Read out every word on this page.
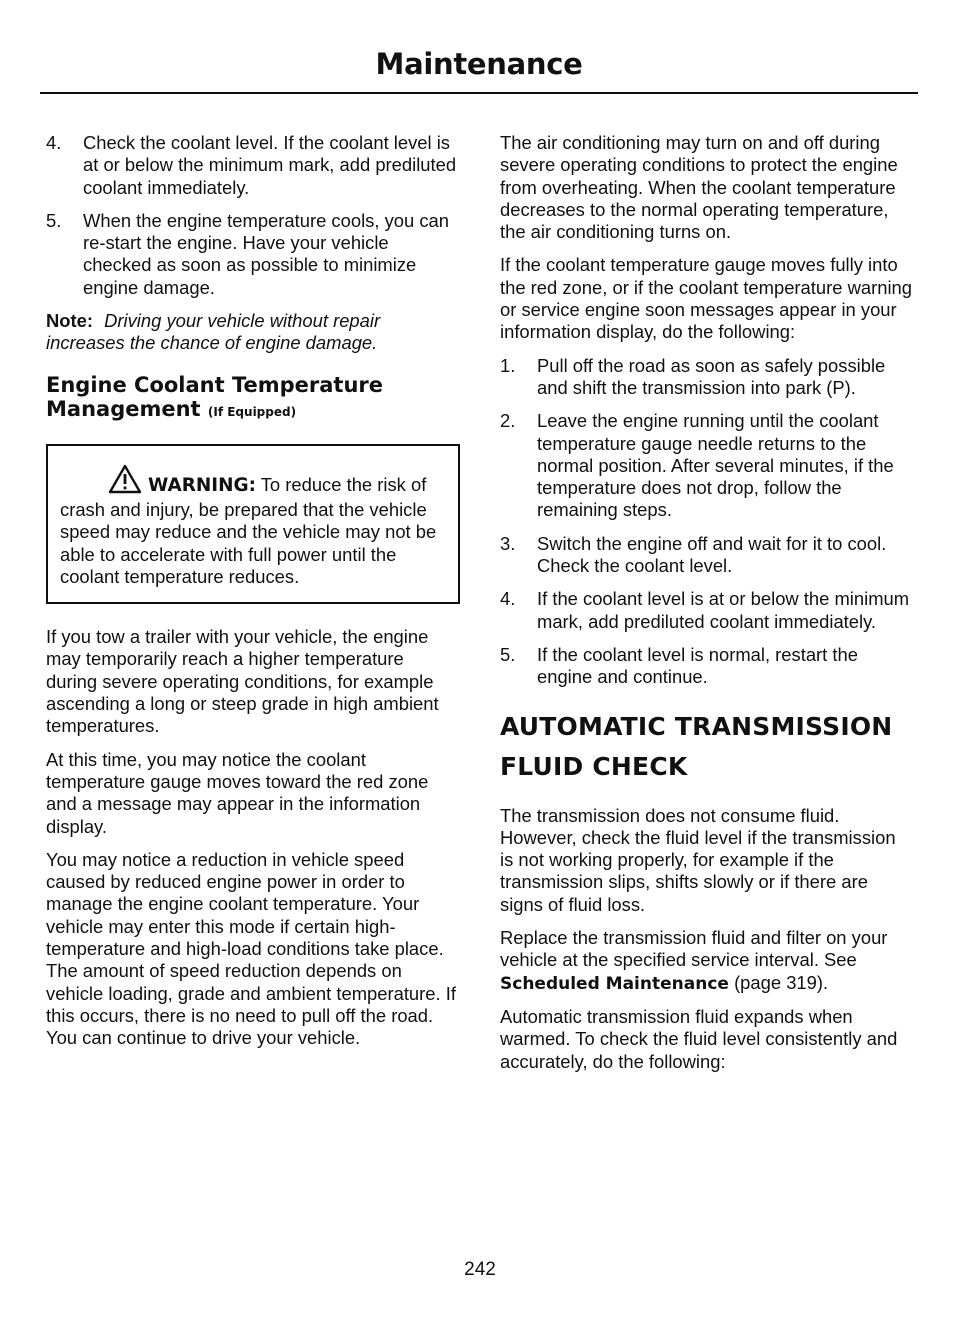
Maintenance
4. Check the coolant level. If the coolant level is at or below the minimum mark, add prediluted coolant immediately.
5. When the engine temperature cools, you can re-start the engine. Have your vehicle checked as soon as possible to minimize engine damage.

Note: Driving your vehicle without repair increases the chance of engine damage.

Engine Coolant Temperature Management (If Equipped)
WARNING: To reduce the risk of crash and injury, be prepared that the vehicle speed may reduce and the vehicle may not be able to accelerate with full power until the coolant temperature reduces.

If you tow a trailer with your vehicle, the engine may temporarily reach a higher temperature during severe operating conditions, for example ascending a long or steep grade in high ambient temperatures.

At this time, you may notice the coolant temperature gauge moves toward the red zone and a message may appear in the information display.

You may notice a reduction in vehicle speed caused by reduced engine power in order to manage the engine coolant temperature. Your vehicle may enter this mode if certain high-temperature and high-load conditions take place. The amount of speed reduction depends on vehicle loading, grade and ambient temperature. If this occurs, there is no need to pull off the road. You can continue to drive your vehicle.

The air conditioning may turn on and off during severe operating conditions to protect the engine from overheating. When the coolant temperature decreases to the normal operating temperature, the air conditioning turns on.

If the coolant temperature gauge moves fully into the red zone, or if the coolant temperature warning or service engine soon messages appear in your information display, do the following:

1. Pull off the road as soon as safely possible and shift the transmission into park (P).
2. Leave the engine running until the coolant temperature gauge needle returns to the normal position. After several minutes, if the temperature does not drop, follow the remaining steps.
3. Switch the engine off and wait for it to cool. Check the coolant level.
4. If the coolant level is at or below the minimum mark, add prediluted coolant immediately.
5. If the coolant level is normal, restart the engine and continue.
AUTOMATIC TRANSMISSION FLUID CHECK

The transmission does not consume fluid. However, check the fluid level if the transmission is not working properly, for example if the transmission slips, shifts slowly or if there are signs of fluid loss.

Replace the transmission fluid and filter on your vehicle at the specified service interval. See Scheduled Maintenance (page 319).

Automatic transmission fluid expands when warmed. To check the fluid level consistently and accurately, do the following:

242
